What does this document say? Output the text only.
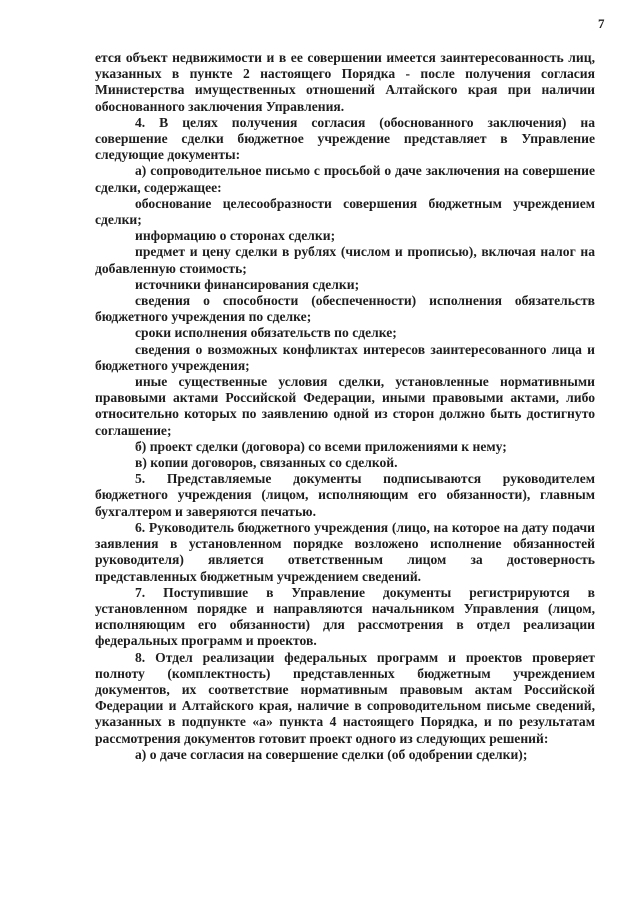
7

ется объект недвижимости и в ее совершении имеется заинтересованность лиц, указанных в пункте 2 настоящего Порядка - после получения согласия Министерства имущественных отношений Алтайского края при наличии обоснованного заключения Управления.

4. В целях получения согласия (обоснованного заключения) на совершение сделки бюджетное учреждение представляет в Управление следующие документы:

а) сопроводительное письмо с просьбой о даче заключения на совершение сделки, содержащее:

обоснование целесообразности совершения бюджетным учреждением сделки;

информацию о сторонах сделки;

предмет и цену сделки в рублях (числом и прописью), включая налог на добавленную стоимость;

источники финансирования сделки;

сведения о способности (обеспеченности) исполнения обязательств бюджетного учреждения по сделке;

сроки исполнения обязательств по сделке;

сведения о возможных конфликтах интересов заинтересованного лица и бюджетного учреждения;

иные существенные условия сделки, установленные нормативными правовыми актами Российской Федерации, иными правовыми актами, либо относительно которых по заявлению одной из сторон должно быть достигнуто соглашение;

б) проект сделки (договора) со всеми приложениями к нему;

в) копии договоров, связанных со сделкой.

5. Представляемые документы подписываются руководителем бюджетного учреждения (лицом, исполняющим его обязанности), главным бухгалтером и заверяются печатью.

6. Руководитель бюджетного учреждения (лицо, на которое на дату подачи заявления в установленном порядке возложено исполнение обязанностей руководителя) является ответственным лицом за достоверность представленных бюджетным учреждением сведений.

7. Поступившие в Управление документы регистрируются в установленном порядке и направляются начальником Управления (лицом, исполняющим его обязанности) для рассмотрения в отдел реализации федеральных программ и проектов.

8. Отдел реализации федеральных программ и проектов проверяет полноту (комплектность) представленных бюджетным учреждением документов, их соответствие нормативным правовым актам Российской Федерации и Алтайского края, наличие в сопроводительном письме сведений, указанных в подпункте «а» пункта 4 настоящего Порядка, и по результатам рассмотрения документов готовит проект одного из следующих решений:

а) о даче согласия на совершение сделки (об одобрении сделки);
